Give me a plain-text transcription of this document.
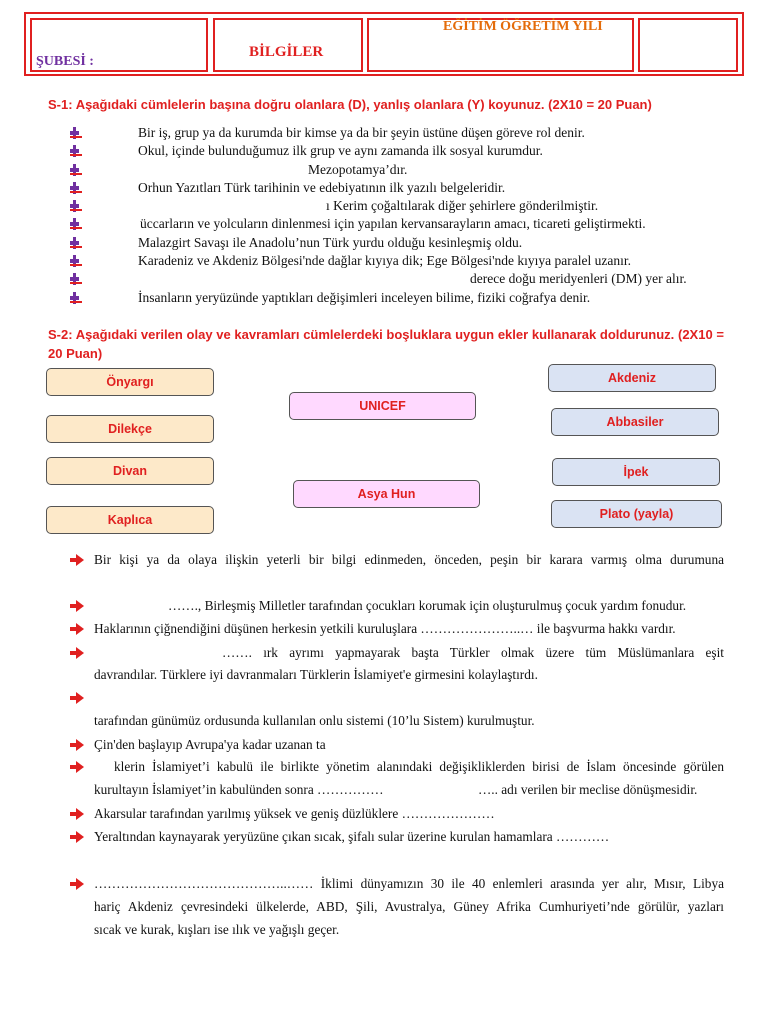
ŞUBESİ :
BİLGİLER
EĞİTİM ÖĞRETİM YILI
S-1: Aşağıdaki cümlelerin başına doğru olanlara (D), yanlış olanlara (Y) koyunuz. (2X10 = 20 Puan)
Bir iş, grup ya da kurumda bir kimse ya da bir şeyin üstüne düşen göreve rol denir.
Okul, içinde bulunduğumuz ilk grup ve aynı zamanda ilk sosyal kurumdur.
Mezopotamya’dır.
Orhun Yazıtları Türk tarihinin ve edebiyatının ilk yazılı belgeleridir.
ı Kerim çoğaltılarak diğer şehirlere gönderilmiştir.
üccarların ve yolcuların dinlenmesi için yapılan kervansarayların amacı, ticareti geliştirmekti.
Malazgirt Savaşı ile Anadolu’nun Türk yurdu olduğu kesinleşmiş oldu.
Karadeniz ve Akdeniz Bölgesi'nde dağlar kıyıya dik; Ege Bölgesi'nde kıyıya paralel uzanır.
derece doğu meridyenleri (DM) yer alır.
İnsanların yeryüzünde yaptıkları değişimleri inceleyen bilime, fiziki coğrafya denir.
S-2: Aşağıdaki verilen olay ve kavramları cümlelerdeki boşluklara uygun ekler kullanarak doldurunuz. (2X10 = 20 Puan)
Önyargı
Dilekçe
Divan
Kaplıca
UNICEF
Asya Hun
Akdeniz
Abbasiler
İpek
Plato (yayla)
Bir kişi ya da olaya ilişkin yeterli bir bilgi edinmeden, önceden, peşin bir karara varmış olma durumuna
……., Birleşmiş Milletler tarafından çocukları korumak için oluşturulmuş çocuk yardım fonudur.
Haklarının çiğnendiğini düşünen herkesin yetkili kuruluşlara …………………..… ile başvurma hakkı vardır.
……. ırk ayrımı yapmayarak başta Türkler olmak üzere tüm Müslümanlara eşit
davrandılar. Türklere iyi davranmaları Türklerin İslamiyet'e girmesini kolaylaştırdı.
tarafından günümüz ordusunda kullanılan onlu sistemi (10’lu Sistem) kurulmuştur.
Çin'den başlayıp Avrupa'ya kadar uzanan ta
klerin İslamiyet’i kabulü ile birlikte yönetim alanındaki değişikliklerden birisi de İslam öncesinde görülen
kurultayın İslamiyet’in kabulünden sonra ……………	….. adı verilen bir meclise dönüşmesidir.
Akarsular tarafından yarılmış yüksek ve geniş düzlüklere …………………
Yeraltından kaynayarak yeryüzüne çıkan sıcak, şifalı sular üzerine kurulan hamamlara …………
……………………………………..…… İklimi dünyamızın 30 ile 40 enlemleri arasında yer alır, Mısır, Libya
hariç Akdeniz çevresindeki ülkelerde, ABD, Şili, Avustralya, Güney Afrika Cumhuriyeti’nde görülür, yazları
sıcak ve kurak, kışları ise ılık ve yağışlı geçer.
